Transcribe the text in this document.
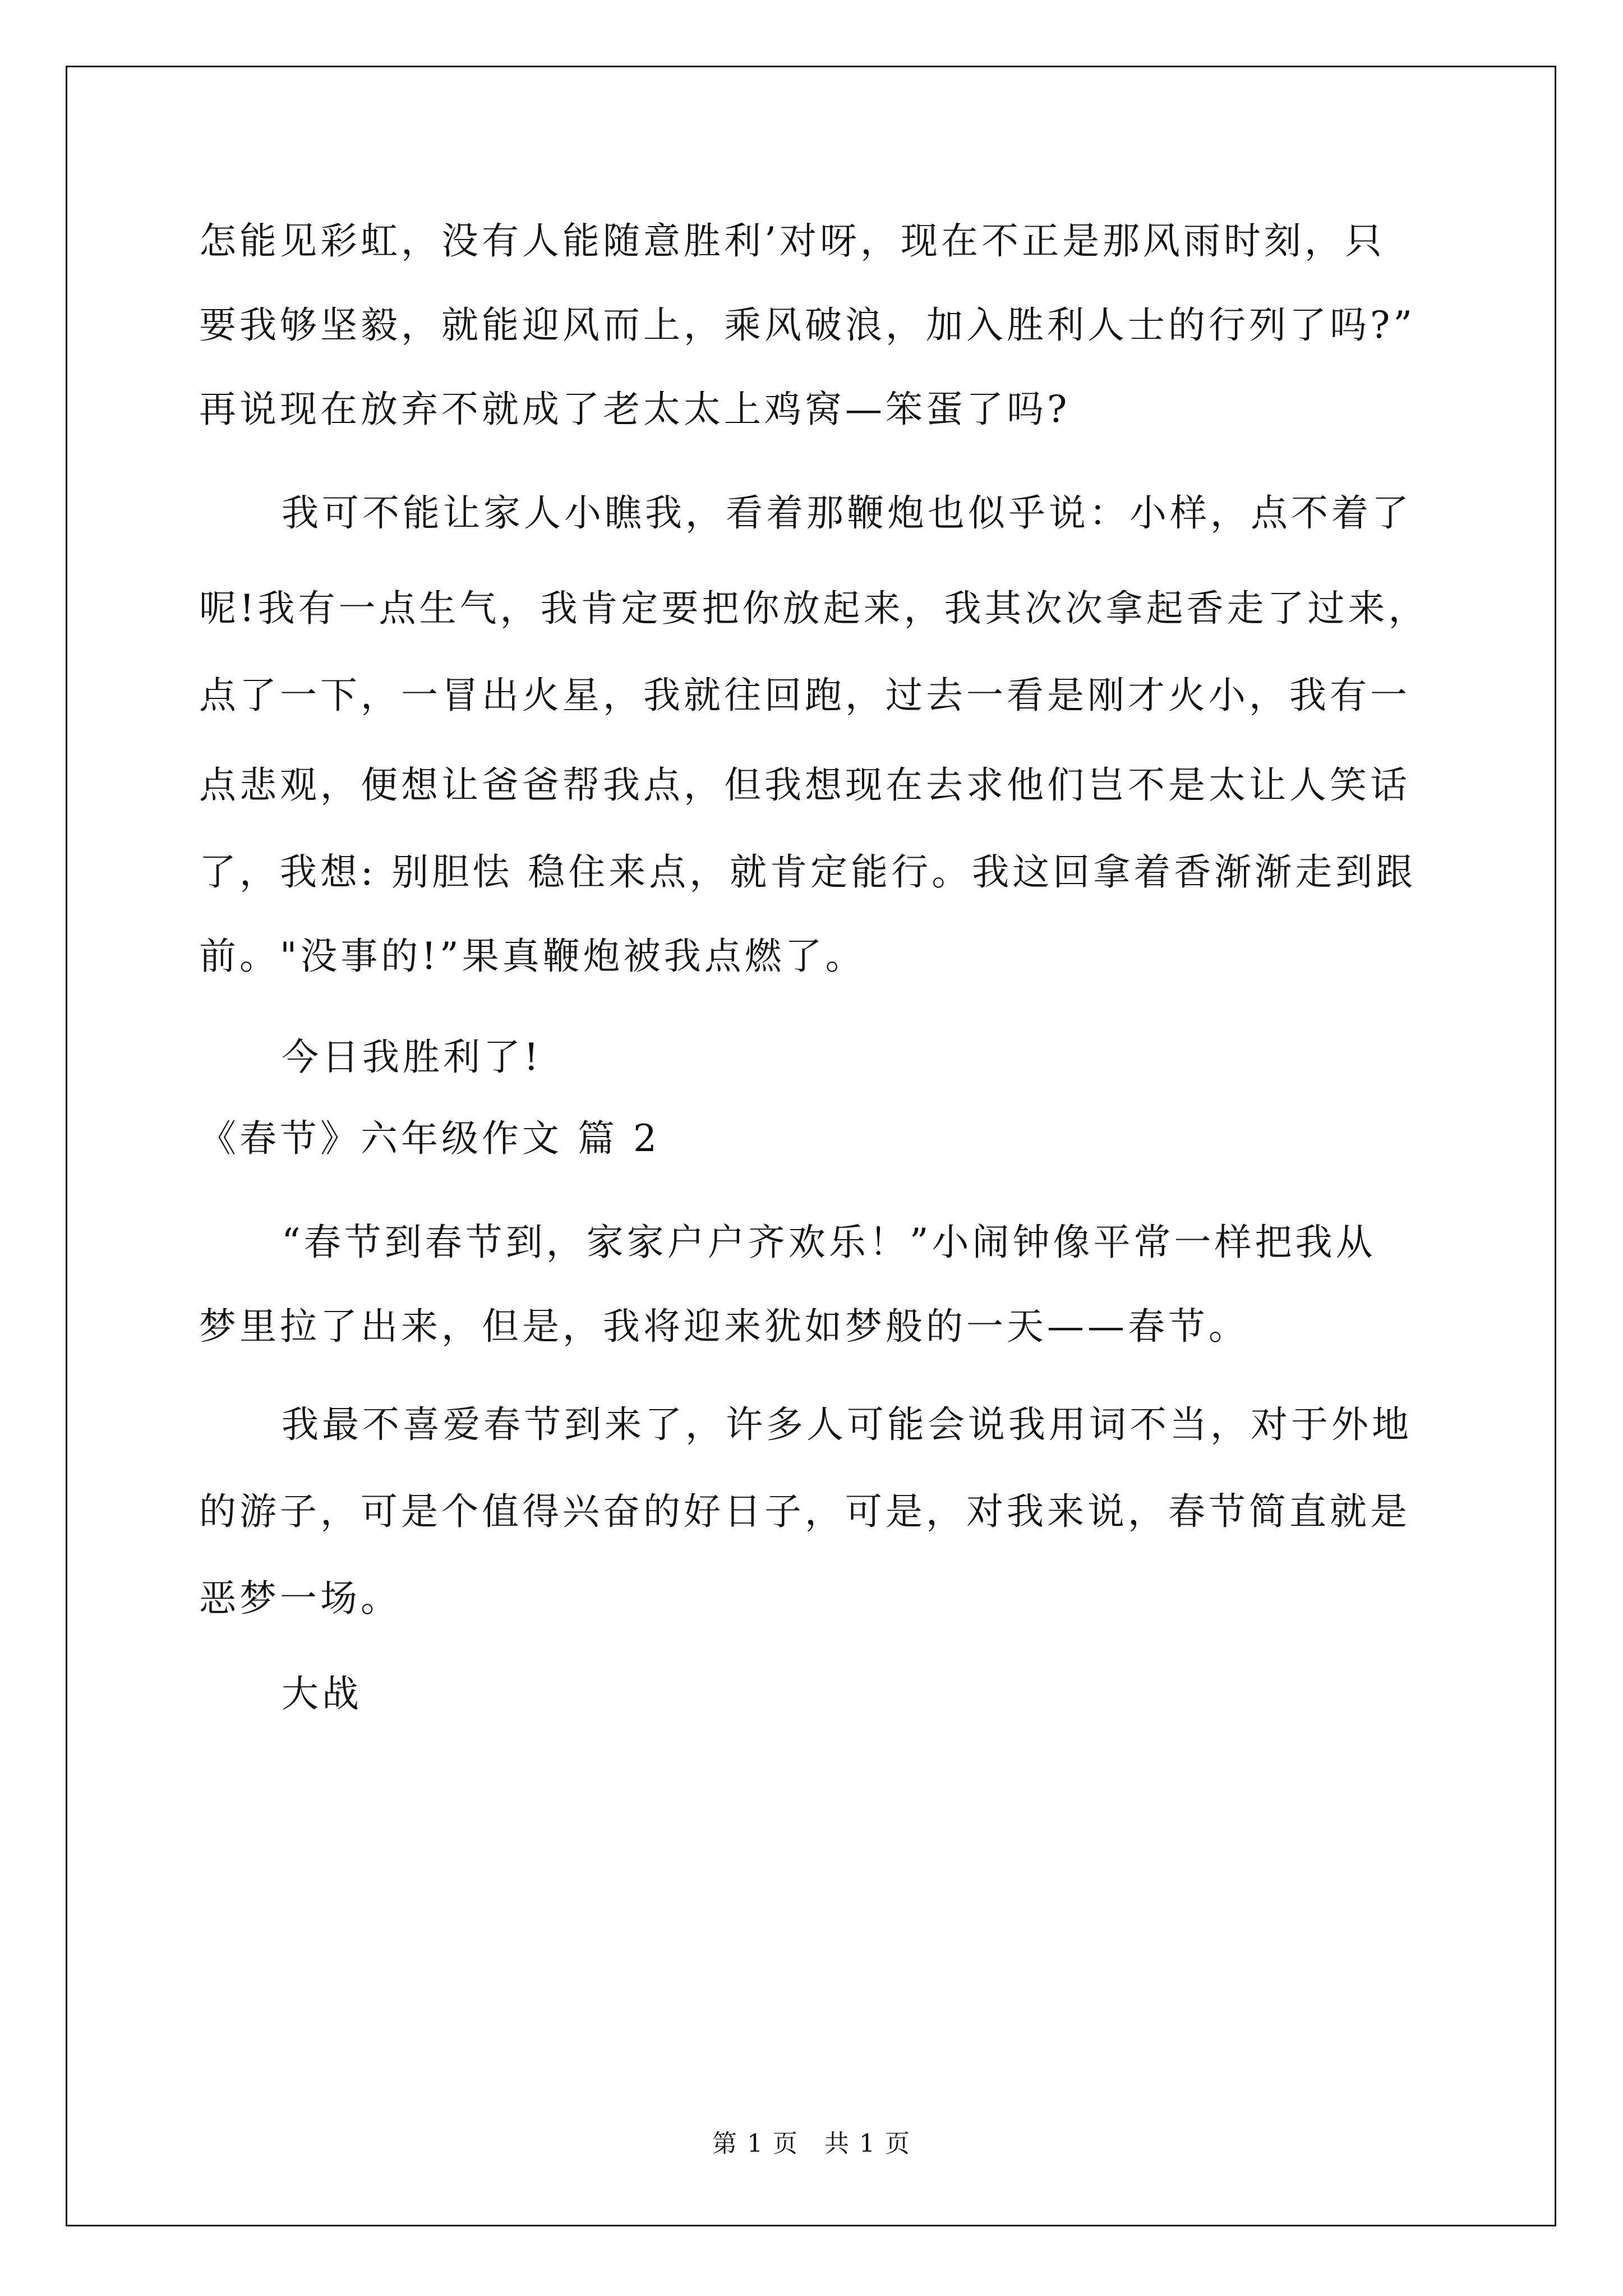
怎能见彩虹，没有人能随意胜利’对呀，现在不正是那风雨时刻，只
要我够坚毅，就能迎风而上，乘风破浪，加入胜利人士的行列了吗?”
再说现在放弃不就成了老太太上鸡窝—笨蛋了吗?
我可不能让家人小瞧我，看着那鞭炮也似乎说：小样，点不着了
呢!我有一点生气，我肯定要把你放起来，我其次次拿起香走了过来，
点了一下，一冒出火星，我就往回跑，过去一看是刚才火小，我有一
点悲观，便想让爸爸帮我点，但我想现在去求他们岂不是太让人笑话
了，我想: 别胆怯 稳住来点，就肯定能行。我这回拿着香渐渐走到跟
前。"没事的!”果真鞭炮被我点燃了。
今日我胜利了!
《春节》六年级作文 篇 2
“春节到春节到，家家户户齐欢乐！”小闹钟像平常一样把我从
梦里拉了出来，但是，我将迎来犹如梦般的一天——春节。
我最不喜爱春节到来了，许多人可能会说我用词不当，对于外地
的游子，可是个值得兴奋的好日子，可是，对我来说，春节简直就是
恶梦一场。
大战
第 1 页　共 1 页
